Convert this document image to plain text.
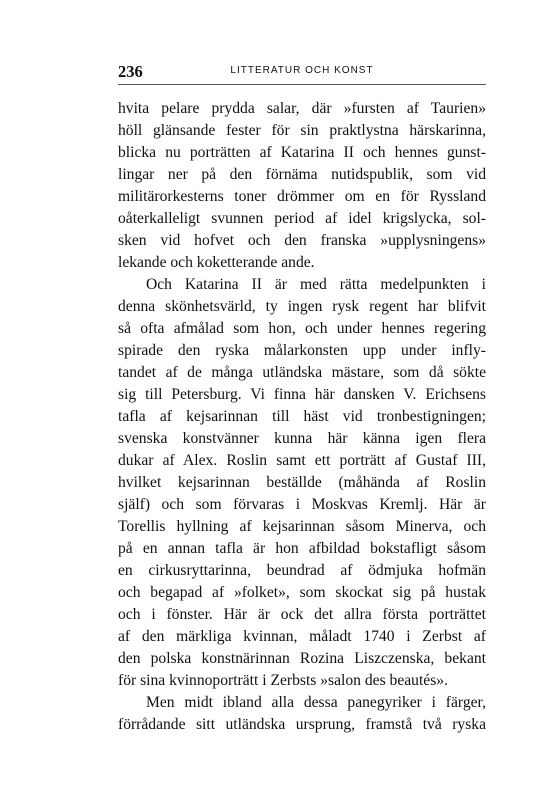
236	LITTERATUR OCH KONST
hvita pelare prydda salar, där »fursten af Taurien»
höll glänsande fester för sin praktlystna härskarinna,
blicka nu porträtten af Katarina II och hennes gunst-
lingar ner på den förnäma nutidspublik, som vid
militärorkesterns toner drömmer om en för Ryssland
oåterkalleligt svunnen period af idel krigslycka, sol-
sken vid hofvet och den franska »upplysningens»
lekande och koketterande ande.
Och Katarina II är med rätta medelpunkten i
denna skönhetsvärld, ty ingen rysk regent har blifvit
så ofta afmålad som hon, och under hennes regering
spirade den ryska målarkonsten upp under infly-
tandet af de många utländska mästare, som då sökte
sig till Petersburg. Vi finna här dansken V. Erichsens
tafla af kejsarinnan till häst vid tronbestigningen;
svenska konstvänner kunna här känna igen flera
dukar af Alex. Roslin samt ett porträtt af Gustaf III,
hvilket kejsarinnan beställde (måhända af Roslin
själf) och som förvaras i Moskvas Kremlj. Här är
Torellis hyllning af kejsarinnan såsom Minerva, och
på en annan tafla är hon afbildad bokstafligt såsom
en cirkusryttarinna, beundrad af ödmjuka hofmän
och begapad af »folket», som skockat sig på hustak
och i fönster. Här är ock det allra första porträttet
af den märkliga kvinnan, måladt 1740 i Zerbst af
den polska konstnärinnan Rozina Liszczenska, bekant
för sina kvinnoporträtt i Zerbsts »salon des beautés».
Men midt ibland alla dessa panegyriker i färger,
förrådande sitt utländska ursprung, framstå två ryska
